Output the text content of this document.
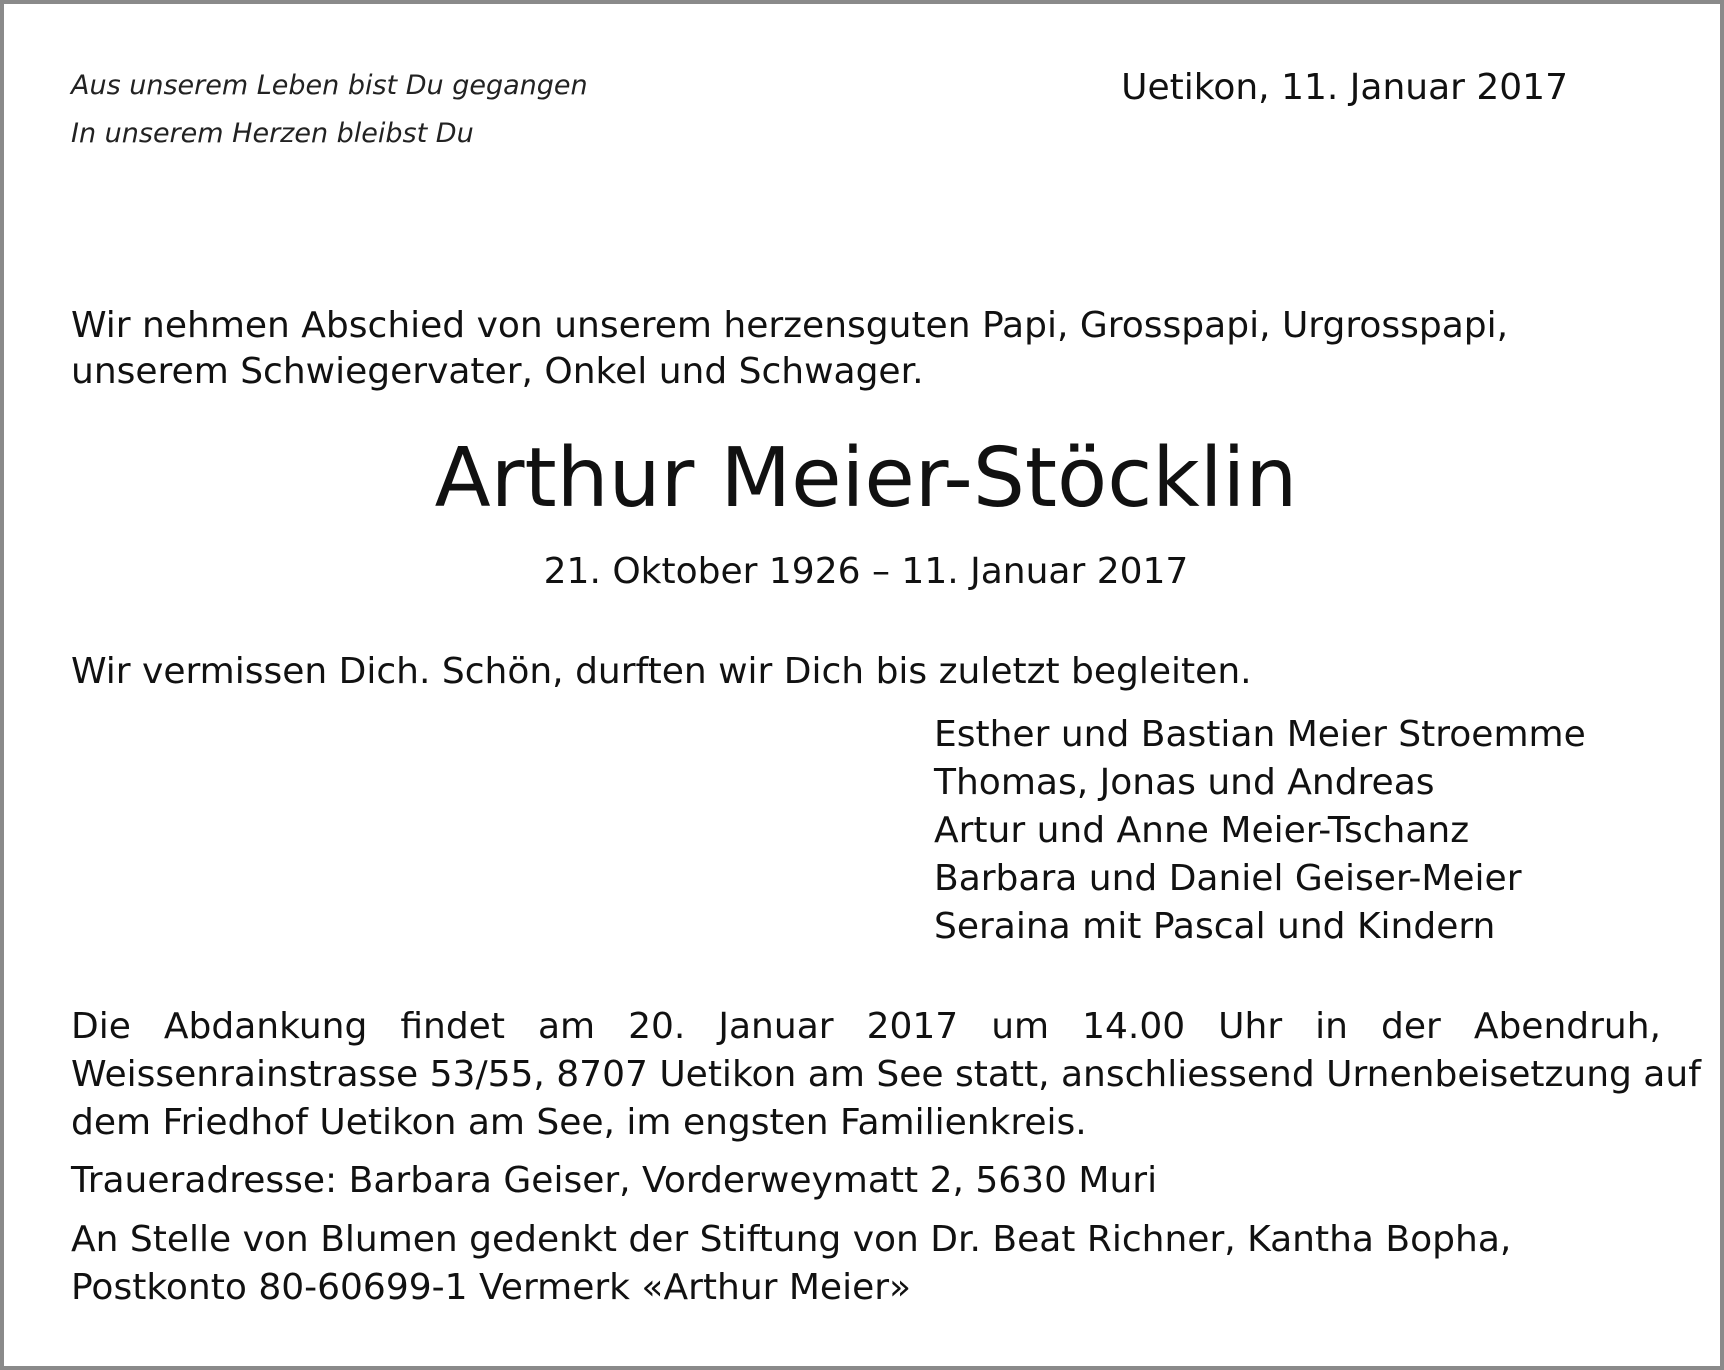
Aus unserem Leben bist Du gegangen
In unserem Herzen bleibst Du
Uetikon, 11. Januar 2017
Wir nehmen Abschied von unserem herzensguten Papi, Grosspapi, Urgrosspapi,
unserem Schwiegervater, Onkel und Schwager.
Arthur Meier-Stöcklin
21. Oktober 1926 – 11. Januar 2017
Wir vermissen Dich. Schön, durften wir Dich bis zuletzt begleiten.
Esther und Bastian Meier Stroemme
Thomas, Jonas und Andreas
Artur und Anne Meier-Tschanz
Barbara und Daniel Geiser-Meier
Seraina mit Pascal und Kindern
Die Abdankung findet am 20. Januar 2017 um 14.00 Uhr in der Abendruh,
Weissenrainstrasse 53/55, 8707 Uetikon am See statt, anschliessend Urnenbeisetzung auf
dem Friedhof Uetikon am See, im engsten Familienkreis.
Traueradresse: Barbara Geiser, Vorderweymatt 2, 5630 Muri
An Stelle von Blumen gedenkt der Stiftung von Dr. Beat Richner, Kantha Bopha,
Postkonto 80-60699-1 Vermerk «Arthur Meier»
